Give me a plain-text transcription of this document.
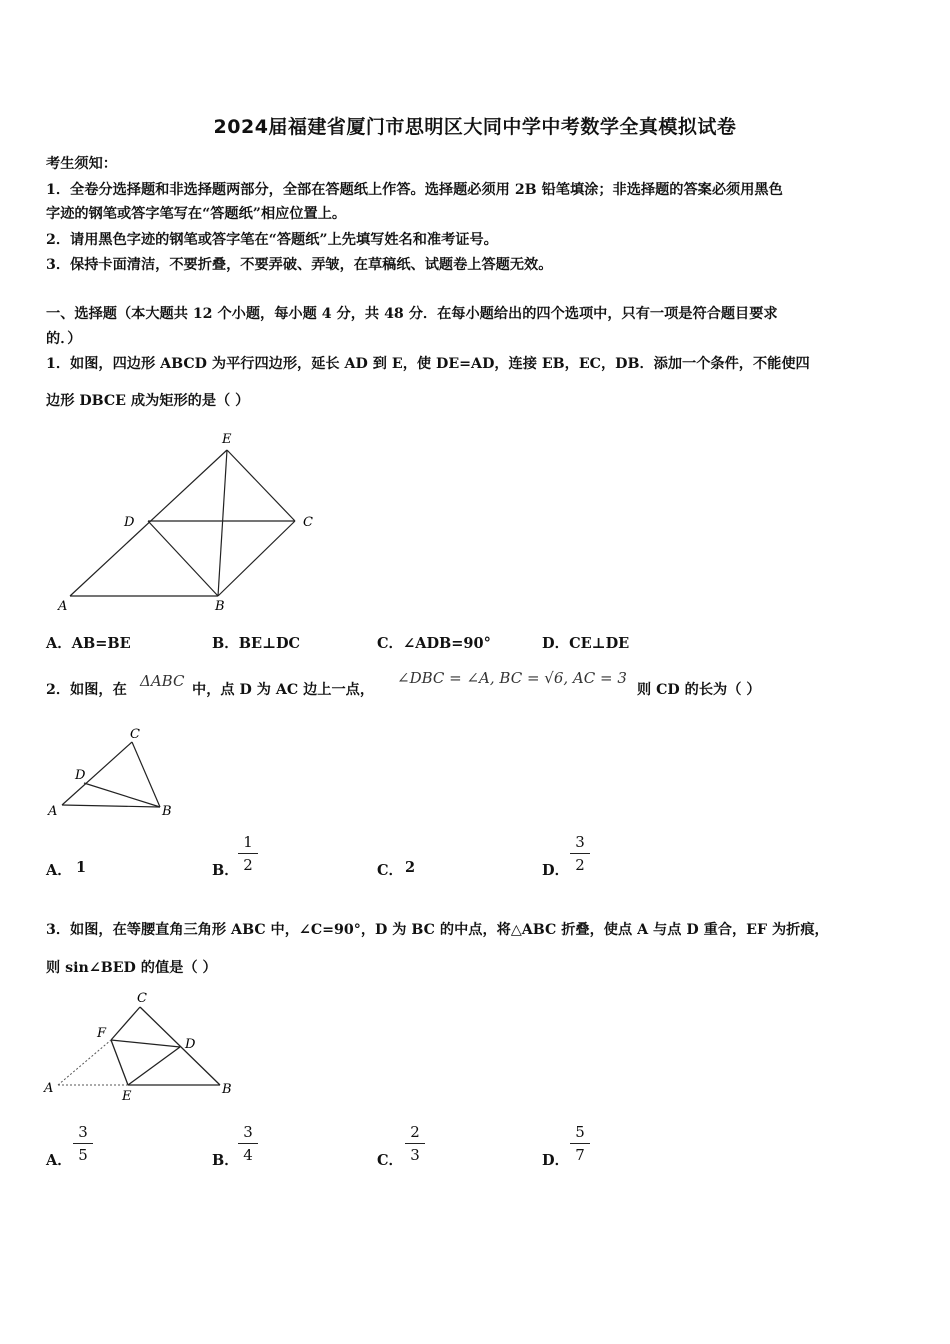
2024届福建省厦门市思明区大同中学中考数学全真模拟试卷
考生须知：
1．全卷分选择题和非选择题两部分，全部在答题纸上作答。选择题必须用 2B 铅笔填涂；非选择题的答案必须用黑色
字迹的钢笔或答字笔写在“答题纸”相应位置上。
2．请用黑色字迹的钢笔或答字笔在“答题纸”上先填写姓名和准考证号。
3．保持卡面清洁，不要折叠，不要弄破、弄皱，在草稿纸、试题卷上答题无效。
一、选择题（本大题共 12 个小题，每小题 4 分，共 48 分．在每小题给出的四个选项中，只有一项是符合题目要求
的．）
1．如图，四边形 ABCD 为平行四边形，延长 AD 到 E，使 DE=AD，连接 EB，EC，DB．添加一个条件，不能使四
边形 DBCE 成为矩形的是（ ）
E
D	C
A	B
A．AB=BE	B．BE⊥DC	C．∠ADB=90°	D．CE⊥DE
2．如图，在 ΔABC 中，点 D 为 AC 边上一点，
∠DBC = ∠A, BC = √6, AC = 3
则 CD 的长为（ ）
C
D
A	B
A． 1	B．
1
2	C． 2	D．
3
2
3．如图，在等腰直角三角形 ABC 中，∠C=90°，D 为 BC 的中点，将△ABC 折叠，使点 A 与点 D 重合，EF 为折痕，
则 sin∠BED 的值是（ ）
C
F
D
A
E	B
A．
3
5	B．
3
4	C．
2
3	D．
5
7
